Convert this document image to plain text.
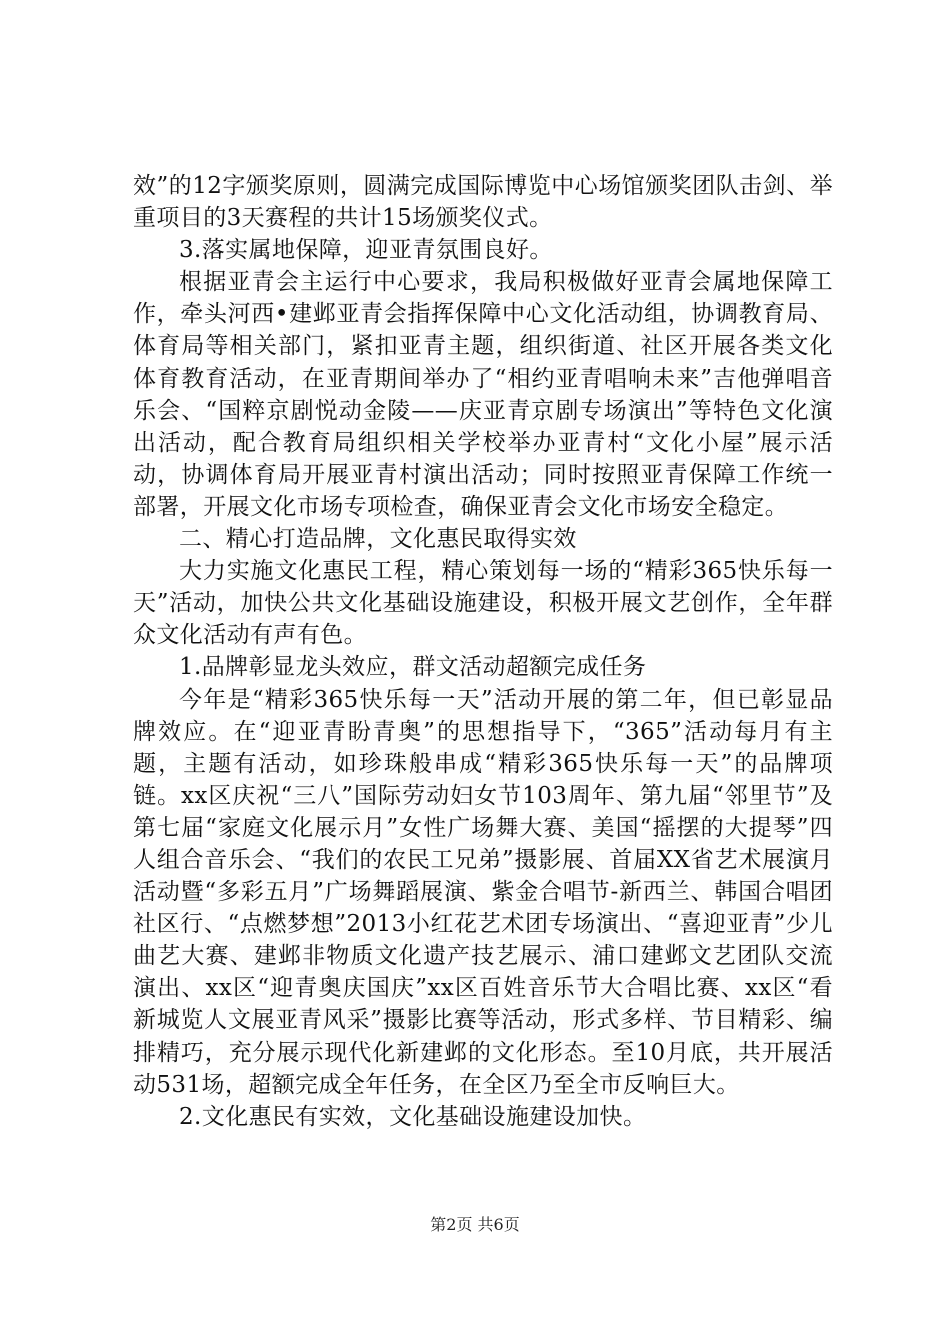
效”的12字颁奖原则，圆满完成国际博览中心场馆颁奖团队击剑、举重项目的3天赛程的共计15场颁奖仪式。

3.落实属地保障，迎亚青氛围良好。

根据亚青会主运行中心要求，我局积极做好亚青会属地保障工作，牵头河西•建邺亚青会指挥保障中心文化活动组，协调教育局、体育局等相关部门，紧扣亚青主题，组织街道、社区开展各类文化体育教育活动，在亚青期间举办了“相约亚青唱响未来”吉他弹唱音乐会、“国粹京剧悦动金陵——庆亚青京剧专场演出”等特色文化演出活动，配合教育局组织相关学校举办亚青村“文化小屋”展示活动，协调体育局开展亚青村演出活动；同时按照亚青保障工作统一部署，开展文化市场专项检查，确保亚青会文化市场安全稳定。

二、精心打造品牌，文化惠民取得实效

大力实施文化惠民工程，精心策划每一场的“精彩365快乐每一天”活动，加快公共文化基础设施建设，积极开展文艺创作，全年群众文化活动有声有色。

1.品牌彰显龙头效应，群文活动超额完成任务

今年是“精彩365快乐每一天”活动开展的第二年，但已彰显品牌效应。在“迎亚青盼青奥”的思想指导下，“365”活动每月有主题，主题有活动，如珍珠般串成“精彩365快乐每一天”的品牌项链。xx区庆祝“三八”国际劳动妇女节103周年、第九届“邻里节”及第七届“家庭文化展示月”女性广场舞大赛、美国“摇摆的大提琴”四人组合音乐会、“我们的农民工兄弟”摄影展、首届XX省艺术展演月活动暨“多彩五月”广场舞蹈展演、紫金合唱节-新西兰、韩国合唱团社区行、“点燃梦想”2013小红花艺术团专场演出、“喜迎亚青”少儿曲艺大赛、建邺非物质文化遗产技艺展示、浦口建邺文艺团队交流演出、xx区“迎青奥庆国庆”xx区百姓音乐节大合唱比赛、xx区“看新城览人文展亚青风采”摄影比赛等活动，形式多样、节目精彩、编排精巧，充分展示现代化新建邺的文化形态。至10月底，共开展活动531场，超额完成全年任务，在全区乃至全市反响巨大。

2.文化惠民有实效，文化基础设施建设加快。

第2页 共6页
